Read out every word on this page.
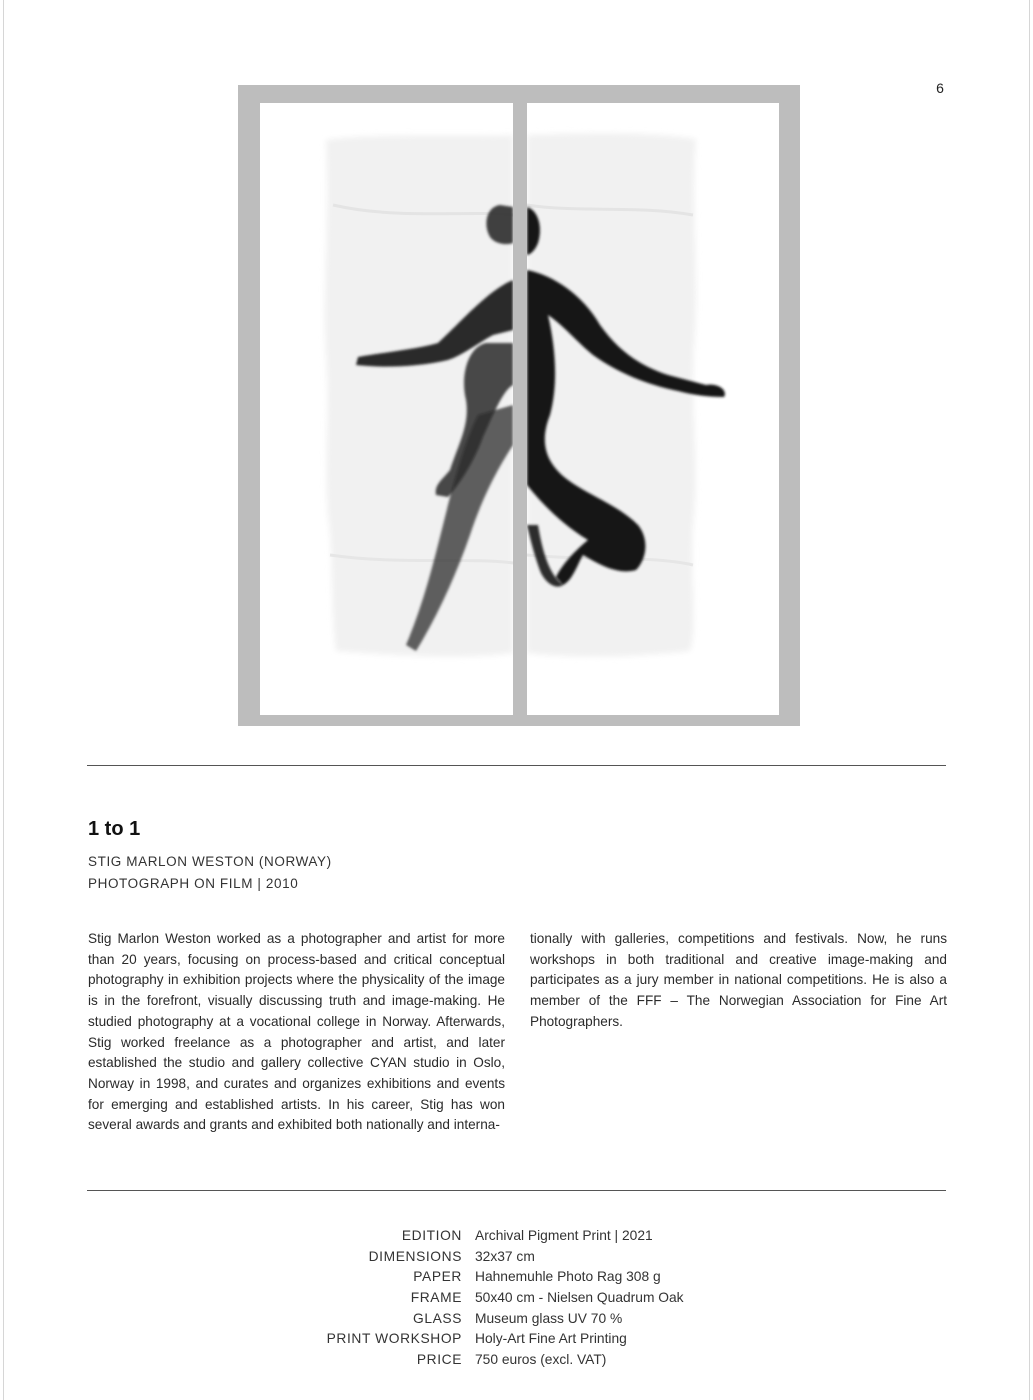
6
1 to 1
STIG MARLON WESTON (NORWAY)
PHOTOGRAPH ON FILM | 2010

Stig Marlon Weston worked as a photographer and artist for more than 20 years, focusing on process-based and critical conceptual photography in exhibition projects where the physicality of the image is in the forefront, visually discussing truth and image-making. He studied photography at a vocational college in Norway. Afterwards, Stig worked freelance as a photographer and artist, and later established the studio and gallery collective CYAN studio in Oslo, Norway in 1998, and curates and organizes exhibitions and events for emerging and established artists. In his career, Stig has won several awards and grants and exhibited both nationally and interna-

tionally with galleries, competitions and festivals. Now, he runs workshops in both traditional and creative image-making and participates as a jury member in national competitions. He is also a member of the FFF – The Norwegian Association for Fine Art Photographers.

EDITION	Archival Pigment Print | 2021
DIMENSIONS	32x37 cm
PAPER	Hahnemuhle Photo Rag 308 g
FRAME	50x40 cm - Nielsen Quadrum Oak
GLASS	Museum glass UV 70 %
PRINT WORKSHOP	Holy-Art Fine Art Printing
PRICE	750 euros (excl. VAT)
